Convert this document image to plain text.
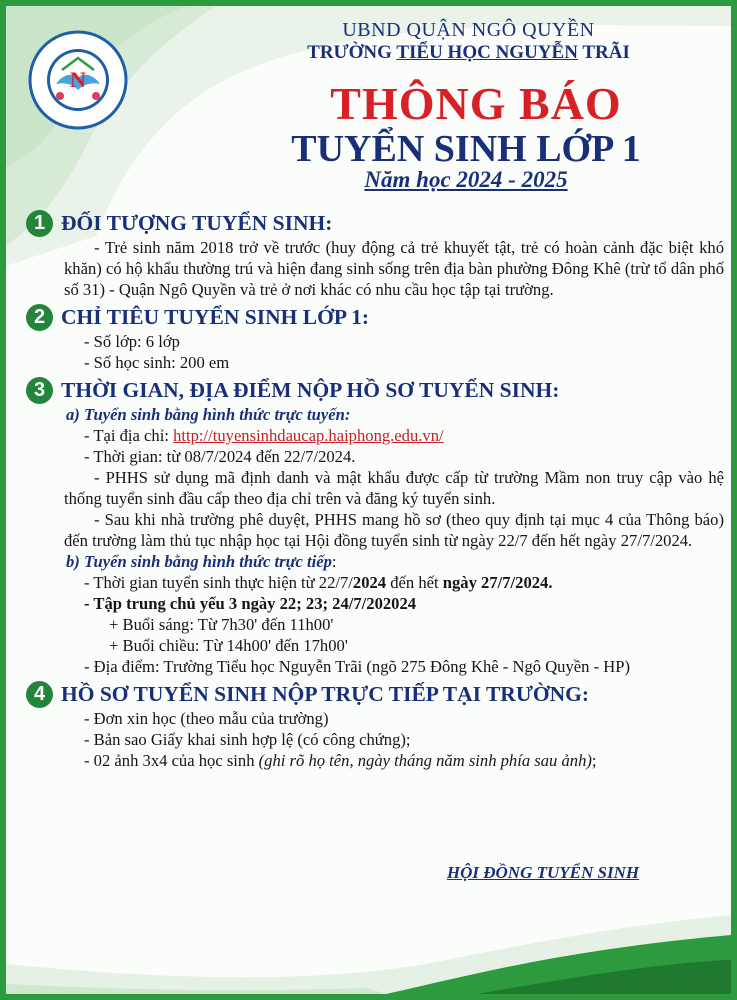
N
UBND QUẬN NGÔ QUYỀN
TRƯỜNG TIỂU HỌC NGUYỄN TRÃI
THÔNG BÁO
TUYỂN SINH LỚP 1
Năm học 2024 - 2025
1 ĐỐI TƯỢNG TUYỂN SINH:
- Trẻ sinh năm 2018 trở về trước (huy động cả trẻ khuyết tật, trẻ có hoàn cảnh đặc biệt khó khăn) có hộ khẩu thường trú và hiện đang sinh sống trên địa bàn phường Đông Khê (trừ tổ dân phố số 31) - Quận Ngô Quyền và trẻ ở nơi khác có nhu cầu học tập tại trường.
2 CHỈ TIÊU TUYỂN SINH LỚP 1:
- Số lớp: 6 lớp
- Số học sinh: 200 em
3 THỜI GIAN, ĐỊA ĐIỂM NỘP HỒ SƠ TUYỂN SINH:
a) Tuyển sinh bằng hình thức trực tuyến:
- Tại địa chỉ: http://tuyensinhdaucap.haiphong.edu.vn/
- Thời gian: từ 08/7/2024 đến 22/7/2024.
- PHHS sử dụng mã định danh và mật khẩu được cấp từ trường Mầm non truy cập vào hệ thống tuyển sinh đầu cấp theo địa chỉ trên và đăng ký tuyển sinh.
- Sau khi nhà trường phê duyệt, PHHS mang hồ sơ (theo quy định tại mục 4 của Thông báo) đến trường làm thủ tục nhập học tại Hội đồng tuyển sinh từ ngày 22/7 đến hết ngày 27/7/2024.
b) Tuyển sinh bằng hình thức trực tiếp:
- Thời gian tuyển sinh thực hiện từ 22/7/2024 đến hết ngày 27/7/2024.
- Tập trung chủ yếu 3 ngày 22; 23; 24/7/202024
+ Buổi sáng: Từ 7h30' đến 11h00'
+ Buổi chiều: Từ 14h00' đến 17h00'
- Địa điểm: Trường Tiểu học Nguyễn Trãi (ngõ 275 Đông Khê - Ngô Quyền - HP)
4 HỒ SƠ TUYỂN SINH NỘP TRỰC TIẾP TẠI TRƯỜNG:
- Đơn xin học (theo mẫu của trường)
- Bản sao Giấy khai sinh hợp lệ (có công chứng);
- 02 ảnh 3x4 của học sinh (ghi rõ họ tên, ngày tháng năm sinh phía sau ảnh);
HỘI ĐỒNG TUYỂN SINH
